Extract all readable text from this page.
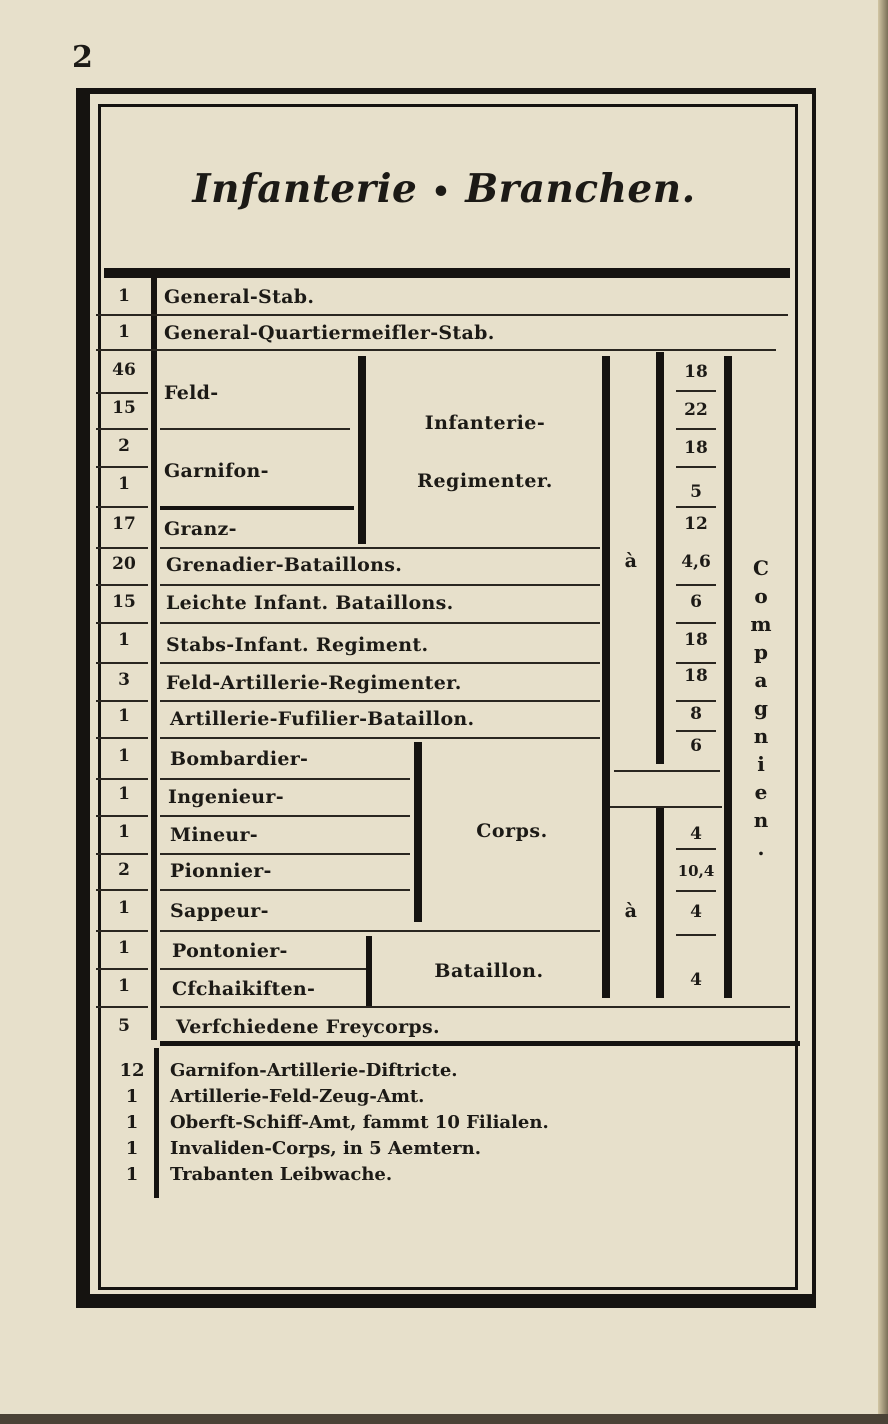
2
Infanterie • Branchen.
1
1
46
15
2
1
17
20
15
1
3
1
1
1
1
2
1
1
1
5
General-Stab.
General-Quartiermeifler-Stab.
Feld-
Garnifon-
Granz-
Grenadier-Bataillons.
Leichte Infant. Bataillons.
Stabs-Infant. Regiment.
Feld-Artillerie-Regimenter.
Artillerie-Fufilier-Bataillon.
Bombardier-
Ingenieur-
Mineur-
Pionnier-
Sappeur-
Pontonier-
Cfchaikiften-
Verfchiedene Freycorps.
Infanterie-
Regimenter.
Corps.
Bataillon.
à
à
18
22
18
5
12
4,6
6
18
18
8
6
4
10,4
4
4
C
o
m
p
a
g
n
i
e
n
.
12
1
1
1
1
Garnifon-Artillerie-Diftricte.
Artillerie-Feld-Zeug-Amt.
Oberft-Schiff-Amt, fammt 10 Filialen.
Invaliden-Corps, in 5 Aemtern.
Trabanten Leibwache.
